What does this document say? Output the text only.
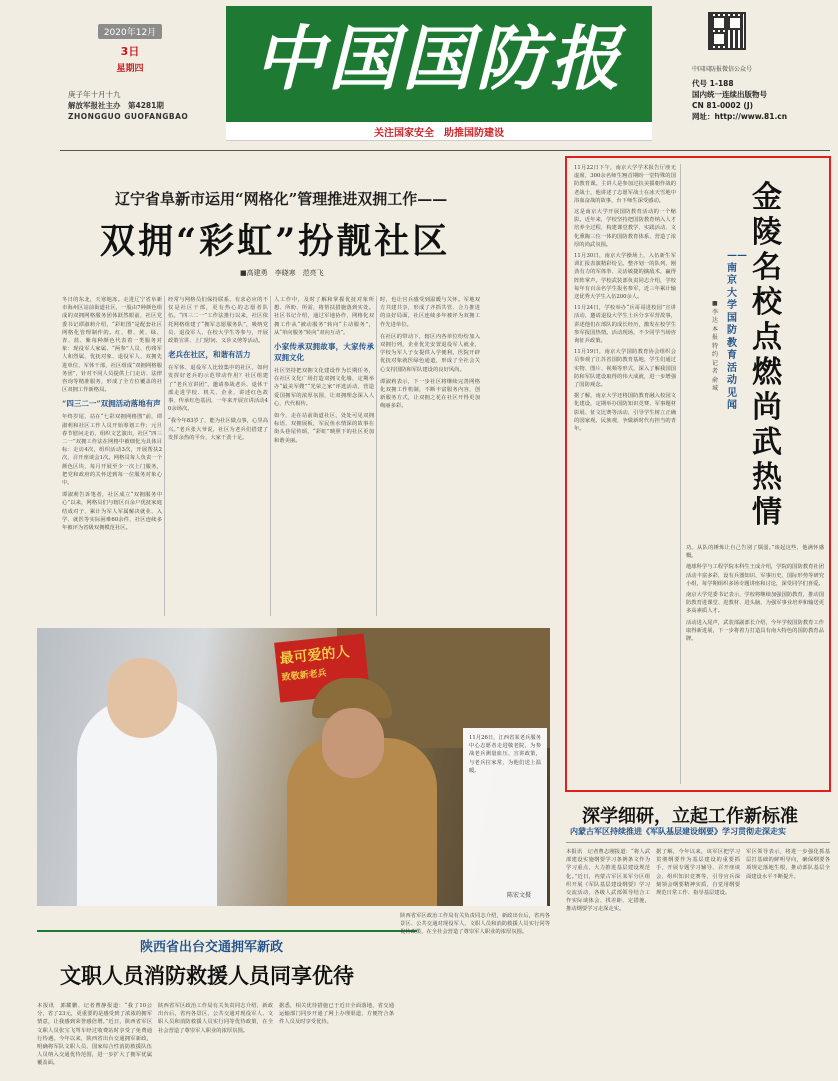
2020年12月
3日
星期四
庚子年十月十九
解放军报社主办　 第4281期
ZHONGGUO GUOFANGBAO
中国国防报
关注国家安全　助推国防建设
中国国防报微信公众号
代号 1-188
国内统一连续出版物号
CN 81-0002 (J)
网址：http://www.81.cn
辽宁省阜新市运用“网格化”管理推进双拥工作——
双拥“彩虹”扮靓社区
■高建勇　李晓寒　范亮飞

冬日的东北，天寒地冻。走进辽宁省阜新市海州区站前街道社区，一股由7种颜色组成的双拥网格服务团体跃然眼前，社区党委书记谭淑莉介绍，“彩虹图”是配套社区网格化管理制作的。红、橙、黄、绿、青、蓝、紫每种颜色代表着一类服务对象：现役军人家属、“两参”人员、伤残军人和烈属、优抚对象、退役军人、双拥先进单位、军休干部，社区组成“双拥网格服务团”，针对不同人员提供上门走访、法律咨询等精准服务，形成了全方位覆盖的社区双拥工作新格局。

“四三二一”双拥活动落地有声

年终岁尾，站在“七彩双拥网格图”前，谭淑莉和社区工作人员开始筹划工作；元旦春节慰问走访，组织文艺演出，社区“四三二一”双拥工作法在网格中被细化为具体目标：走访4次，组织活动3次，开展帮扶2次，召开座谈会1次。网格员每人负责一个颜色区块，每月开展至少一次上门服务，把党和政府的关怀送到每一位服务对象心中。

谭淑莉告诉笔者，社区成立“双拥服务中心”以来，网格员们与辖区百余户优抚家庭结成对子，累计为军人军属解决就业、入学、就医等实际困难60余件，社区连续多年被评为省级双拥模范社区。

经常与网格员们保持联系、有求必应的不仅是社区干部，更有热心的志愿者队伍。“四三二一”工作法推行以来，社区依托网格组建了“拥军志愿服务队”，吸纳党员、退役军人、在校大学生等参与，开展政策宣讲、上门慰问、义诊义剪等活动。

老兵在社区，和谐有活力

在军休、退役军人比较集中的社区，如何发挥好老兵的示范带动作用？社区组建了“老兵宣讲团”，邀请参战老兵、退休干部走进学校、机关、企业，讲述红色故事，传承红色基因，一年来开展宣讲活动40余场次。

“我今年83岁了，能为社区做点事，心里高兴。”老兵张大爷说，社区为老兵们搭建了发挥余热的平台，大家干劲十足。

人工作中，及时了解和掌握优抚对象所想、所盼、所需，将帮扶措施落到实处。社区书记介绍，通过军地协作，网格化双拥工作从“被动服务”转向“主动服务”，从“单向服务”转向“双向互动”。

小家传承双拥故事，大家传承双拥文化

社区坚持把双拥文化建设作为长期任务，在社区文化广场打造双拥文化墙，定期举办“最美军嫂”“光荣之家”评选活动，营造爱国拥军的浓厚氛围，让双拥理念深入人心、代代相传。

如今，走在站前街道社区，处处可见双拥标语、双拥展板，军民鱼水情深的故事在街头巷尾传颂，“彩虹”映照下的社区更加和谐美丽。

时，也让官兵感受到温暖与关怀。军地双方共建共享，形成了齐抓共管、合力推进的良好局面，社区连续多年被评为双拥工作先进单位。

在社区的带动下，辖区内各单位纷纷加入双拥行列，企业优先安置退役军人就业，学校为军人子女提供入学便利，医院开辟优抚对象就医绿色通道，形成了全社会关心支持国防和军队建设的良好风尚。

谭淑莉表示，下一步社区将继续完善网格化双拥工作机制，不断丰富服务内容，创新服务方式，让双拥之花在社区开得更加绚丽多彩。

最可爱的人
致敬新老兵
11月26日，江西省某老兵服务中心志愿者走进敬老院，为参战老兵测量血压、宣讲政策，与老兵拉家常，为他们送上温暖。
陈宏文摄
陕西省出台交通拥军新政
文职人员消防救援人员同享优待
本报讯　郭耀鹏、记者曹静报道：“我了10公分，省了23元，更重要的是感受到了浓浓的拥军情意，让我感到荣誉感倍增。”近日，陕西省军区文职人员张宝飞驾车经过收费站时享受了免费通行待遇。今年以来，陕西省出台交通拥军新政，明确将军队文职人员、国家综合性消防救援队伍人员纳入交通优待范围，进一步扩大了拥军优属覆盖面。
陕西省军区政治工作局有关负责同志介绍，新政出台后，省内各景区、公共交通对现役军人、文职人员和消防救援人员实行同等优待政策，在全社会营造了尊崇军人职业的浓厚氛围。
据悉，相关优待措施已于近日全面落地，省交通运输部门同步开通了网上办理渠道，方便符合条件人员及时享受优待。
陕西省军区政治工作局有关负责同志介绍，新政出台后，省内各景区、公共交通对现役军人、文职人员和消防救援人员实行同等优待政策，在全社会营造了尊崇军人职业的浓厚氛围。

11月22日下午，南京大学学术报告厅座无虚席，300余名师生翘首期盼一堂特殊的国防教育课。主讲人是参加过抗美援朝作战的老战士，他讲述了志愿军战士在冰天雪地中浴血奋战的故事，台下师生深受感动。

这是南京大学开展国防教育活动的一个缩影。近年来，学校坚持把国防教育纳入人才培养全过程，构建课堂教学、实践活动、文化熏陶三位一体的国防教育体系，营造了浓厚的尚武氛围。

11月30日，南京大学操场上，入伍新生军训汇报表演精彩纷呈。整齐划一的队列、刚劲有力的军体拳、灵活敏捷的擒敌术，赢得阵阵掌声。学校武装部负责同志介绍，学校每年有百余名学生报名参军，近三年累计输送优秀大学生入伍200余人。

11月24日，学校举办“兵哥哥进校园”宣讲活动，邀请退役大学生士兵分享军营故事，讲述他们在部队的成长经历，激发在校学生参军报国热情。活动现场，不少同学当场咨询征兵政策。

11月19日，南京大学国防教育协会组织会员参观了江苏省国防教育基地，学生们通过实物、图片、视频等形式，深入了解我国国防和军队建设取得的伟大成就，进一步增强了国防观念。

据了解，南京大学还将国防教育融入校园文化建设，定期举办国防知识竞赛、军事题材影展、征文比赛等活动，引导学生树立正确的国家观、民族观，争做新时代有担当的青年。

金陵名校点燃尚武热情
——南京大学国防教育活动见闻
■李达　本报特约记者　俞城

功。从队的锤炼让自己告别了懦弱。”谈起这些，他满怀感慨。

地球科学与工程学院本科生王成介绍，学院的国防教育社团活动丰富多彩，设有兵器知识、军事历史、国际形势等研究小组，每学期组织多场专题讲座和讨论，深受同学们喜爱。

南京大学党委书记表示，学校将继续加强国防教育，推动国防教育进课堂、进教材、进头脑，为强军事业培养和输送更多高素质人才。

活动进入尾声，武装部副部长介绍，今年学校国防教育工作取得新进展，下一步将着力打造具有南大特色的国防教育品牌。

深学细研，立起工作新标准
内蒙古军区持续推进《军队基层建设纲要》学习贯彻走深走实
本报讯　记者曹志刚报道：“将人武部建设实施纲要学习条例条文作为学习重点，大力推进基层建设规范化。”近日，内蒙古军区某军分区组织开展《军队基层建设纲要》学习交流活动，各级人武部领导结合工作实际谈体会、找差距、定措施，推动纲要学习走深走实。
据了解，今年以来，该军区把学习贯彻纲要作为基层建设的重要抓手，开展专题学习辅导、召开座谈会、组织知识竞赛等，引导官兵深刻领会纲要精神实质，自觉用纲要规范日常工作、指导基层建设。
军区领导表示，将进一步强化抓基层打基础的鲜明导向，确保纲要各项规定落地生根，推动部队基层全面建设水平不断提升。
